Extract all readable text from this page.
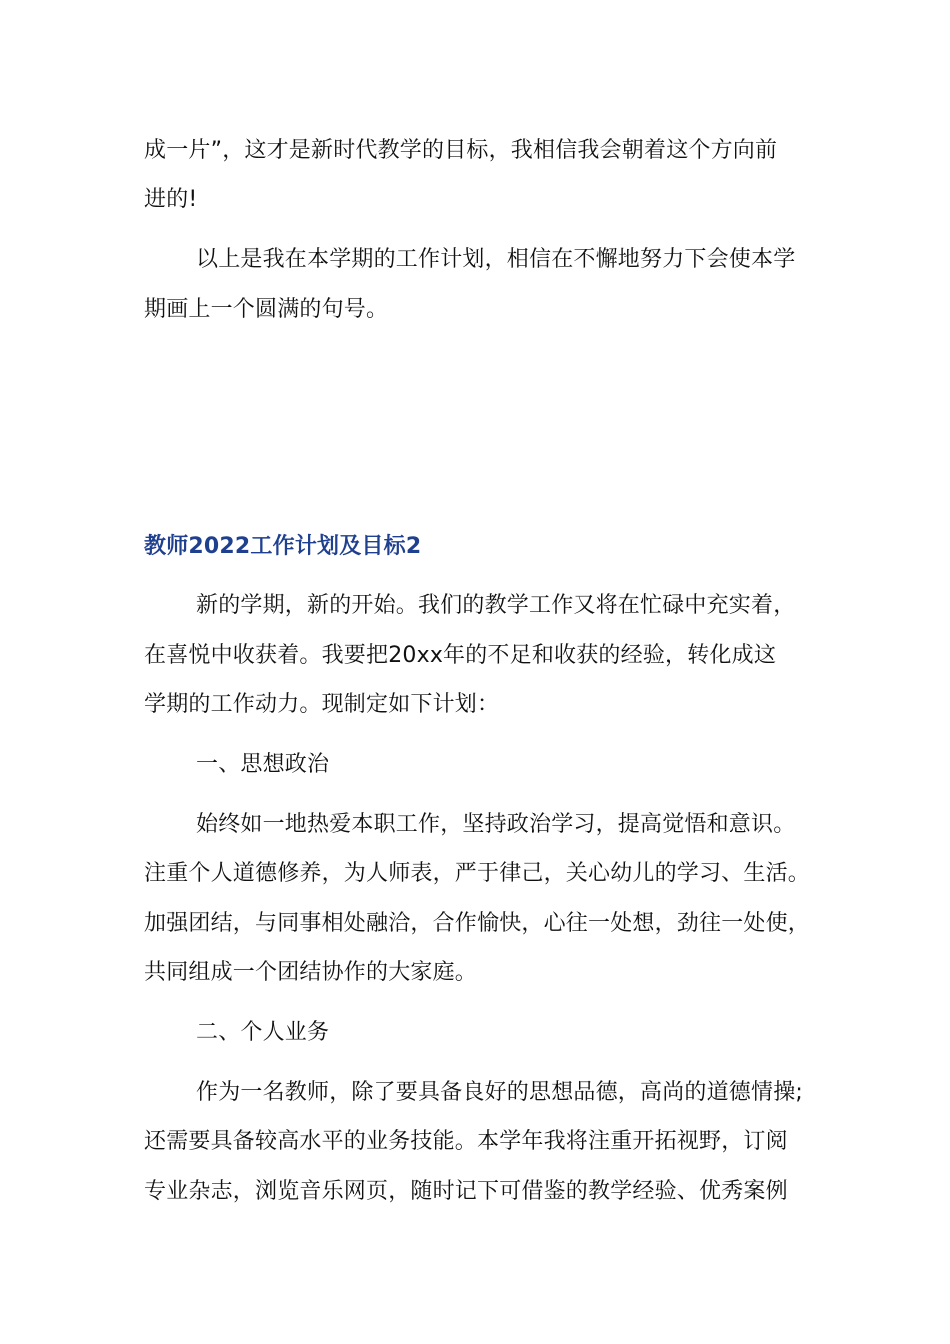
成一片”，这才是新时代教学的目标，我相信我会朝着这个方向前
进的!
以上是我在本学期的工作计划，相信在不懈地努力下会使本学
期画上一个圆满的句号。
教师2022工作计划及目标2
新的学期，新的开始。我们的教学工作又将在忙碌中充实着，
在喜悦中收获着。我要把20xx年的不足和收获的经验，转化成这
学期的工作动力。现制定如下计划：
一、思想政治
始终如一地热爱本职工作，坚持政治学习，提高觉悟和意识。
注重个人道德修养，为人师表，严于律己，关心幼儿的学习、生活。
加强团结，与同事相处融洽，合作愉快，心往一处想，劲往一处使，
共同组成一个团结协作的大家庭。
二、个人业务
作为一名教师，除了要具备良好的思想品德，高尚的道德情操;
还需要具备较高水平的业务技能。本学年我将注重开拓视野，订阅
专业杂志，浏览音乐网页，随时记下可借鉴的教学经验、优秀案例
